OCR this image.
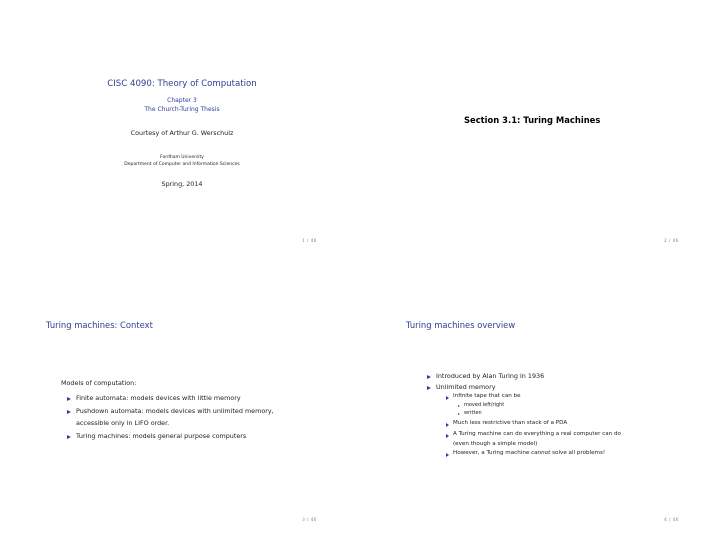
CISC 4090: Theory of Computation
Chapter 3
The Church-Turing Thesis
Courtesy of Arthur G. Werschulz
Fordham University
Department of Computer and Information Sciences
Spring, 2014
1 / 46
Section 3.1: Turing Machines
2 / 46
Turing machines: Context
Models of computation:
Finite automata: models devices with little memory
Pushdown automata: models devices with unlimited memory,
accessible only in LIFO order.
Turing machines: models general purpose computers
3 / 46
Turing machines overview
Introduced by Alan Turing in 1936
Unlimited memory
Infinite tape that can be
moved left/right
written
Much less restrictive than stack of a PDA
A Turing machine can do everything a real computer can do
(even though a simple model)
However, a Turing machine cannot solve all problems!
4 / 46
